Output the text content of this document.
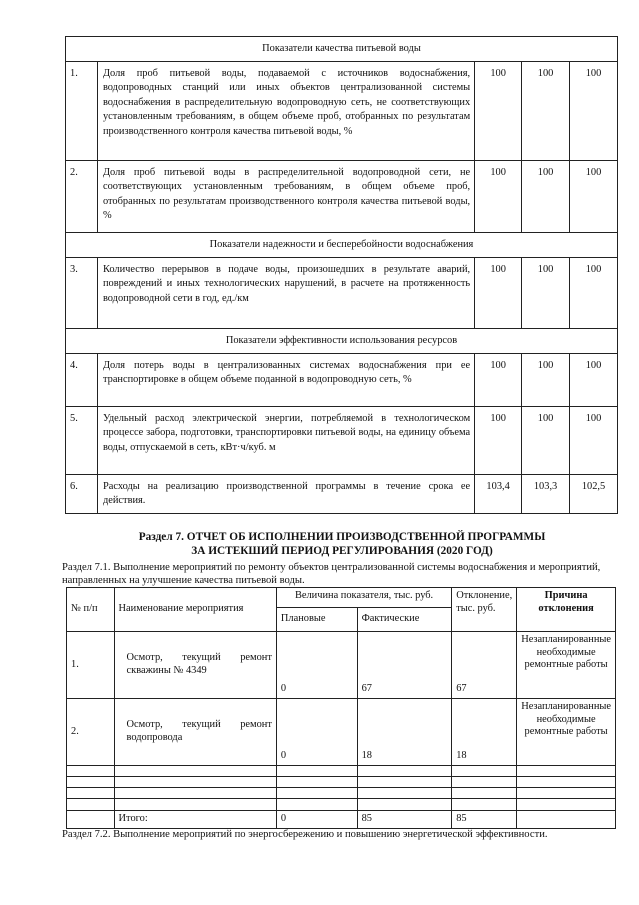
Показатели качества питьевой воды				
1.	Доля проб питьевой воды, подаваемой с источников водоснабжения, водопроводных станций или иных объектов централизованной системы водоснабжения в распределительную водопроводную сеть, не соответствующих установленным требованиям, в общем объеме проб, отобранных по результатам производственного контроля качества питьевой воды, %	100	100	100
2.	Доля проб питьевой воды в распределительной водопроводной сети, не соответствующих установленным требованиям, в общем объеме проб, отобранных по результатам производственного контроля качества питьевой воды, %	100	100	100
Показатели надежности и бесперебойности водоснабжения				
3.	Количество перерывов в подаче воды, произошедших в результате аварий, повреждений и иных технологических нарушений, в расчете на протяженность водопроводной сети в год, ед./км	100	100	100
Показатели эффективности использования ресурсов				
4.	Доля потерь воды в централизованных системах водоснабжения при ее транспортировке в общем объеме поданной в водопроводную сеть, %	100	100	100
5.	Удельный расход электрической энергии, потребляемой в технологическом процессе забора, подготовки, транспортировки питьевой воды, на единицу объема воды, отпускаемой в сеть, кВт·ч/куб. м	100	100	100
6.	Расходы на реализацию производственной программы в течение срока ее действия.	103,4	103,3	102,5
Раздел 7. ОТЧЕТ ОБ ИСПОЛНЕНИИ ПРОИЗВОДСТВЕННОЙ ПРОГРАММЫ
ЗА ИСТЕКШИЙ ПЕРИОД РЕГУЛИРОВАНИЯ (2020 ГОД)
Раздел 7.1. Выполнение мероприятий по ремонту объектов централизованной системы водоснабжения и мероприятий, направленных на улучшение качества питьевой воды.
№ п/п	Наименование мероприятия	Величина показателя, тыс. руб.		Отклонение, тыс. руб.	Причина отклонения
		Плановые	Фактические		
1.	Осмотр, текущий ремонт скважины № 4349	0	67	67	Незапланированные необходимые ремонтные работы
2.	Осмотр, текущий ремонт водопровода	0	18	18	Незапланированные необходимые ремонтные работы

	Итого:	0	85	85	
Раздел 7.2. Выполнение мероприятий по энергосбережению и повышению энергетической эффективности.
